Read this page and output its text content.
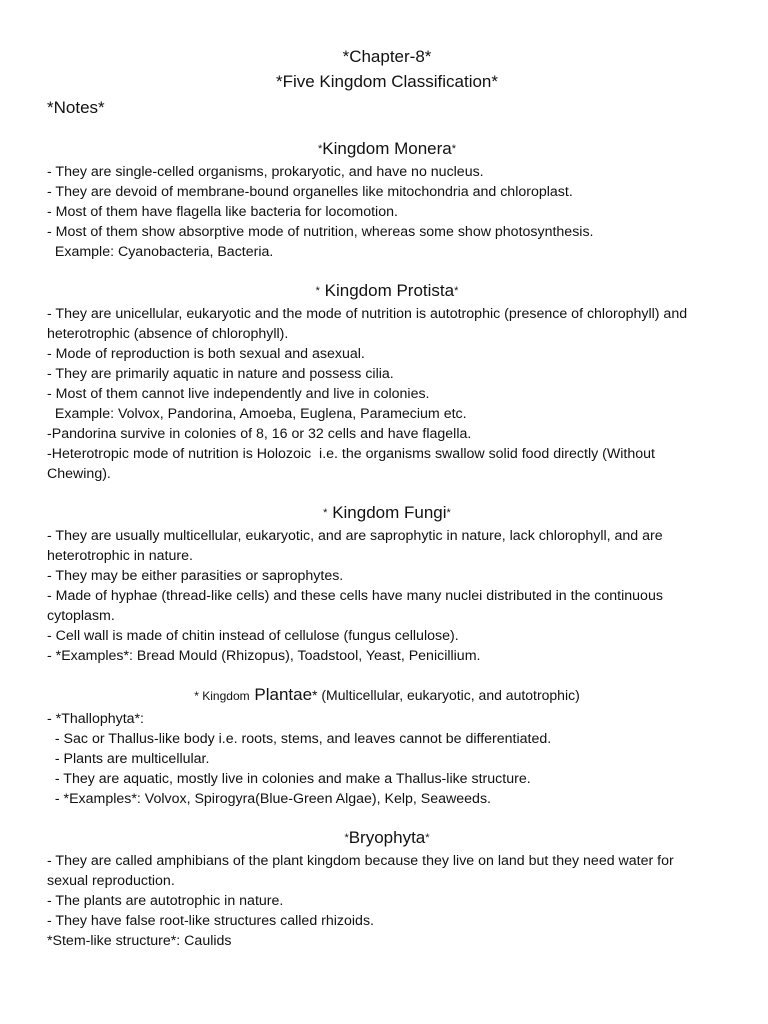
*Chapter-8*
*Five Kingdom Classification*
*Notes*
*Kingdom Monera*
- They are single-celled organisms, prokaryotic, and have no nucleus.
- They are devoid of membrane-bound organelles like mitochondria and chloroplast.
- Most of them have flagella like bacteria for locomotion.
- Most of them show absorptive mode of nutrition, whereas some show photosynthesis.
Example: Cyanobacteria, Bacteria.
* Kingdom Protista*
- They are unicellular, eukaryotic and the mode of nutrition is autotrophic (presence of chlorophyll) and
heterotrophic (absence of chlorophyll).
- Mode of reproduction is both sexual and asexual.
- They are primarily aquatic in nature and possess cilia.
- Most of them cannot live independently and live in colonies.
Example: Volvox, Pandorina, Amoeba, Euglena, Paramecium etc.
-Pandorina survive in colonies of 8, 16 or 32 cells and have flagella.
-Heterotropic mode of nutrition is Holozoic  i.e. the organisms swallow solid food directly (Without
Chewing).
* Kingdom Fungi*
- They are usually multicellular, eukaryotic, and are saprophytic in nature, lack chlorophyll, and are
heterotrophic in nature.
- They may be either parasities or saprophytes.
- Made of hyphae (thread-like cells) and these cells have many nuclei distributed in the continuous
cytoplasm.
- Cell wall is made of chitin instead of cellulose (fungus cellulose).
- *Examples*: Bread Mould (Rhizopus), Toadstool, Yeast, Penicillium.
* Kingdom Plantae* (Multicellular, eukaryotic, and autotrophic)
- *Thallophyta*:
- Sac or Thallus-like body i.e. roots, stems, and leaves cannot be differentiated.
- Plants are multicellular.
- They are aquatic, mostly live in colonies and make a Thallus-like structure.
- *Examples*: Volvox, Spirogyra(Blue-Green Algae), Kelp, Seaweeds.
*Bryophyta*
- They are called amphibians of the plant kingdom because they live on land but they need water for
sexual reproduction.
- The plants are autotrophic in nature.
- They have false root-like structures called rhizoids.
*Stem-like structure*: Caulids
